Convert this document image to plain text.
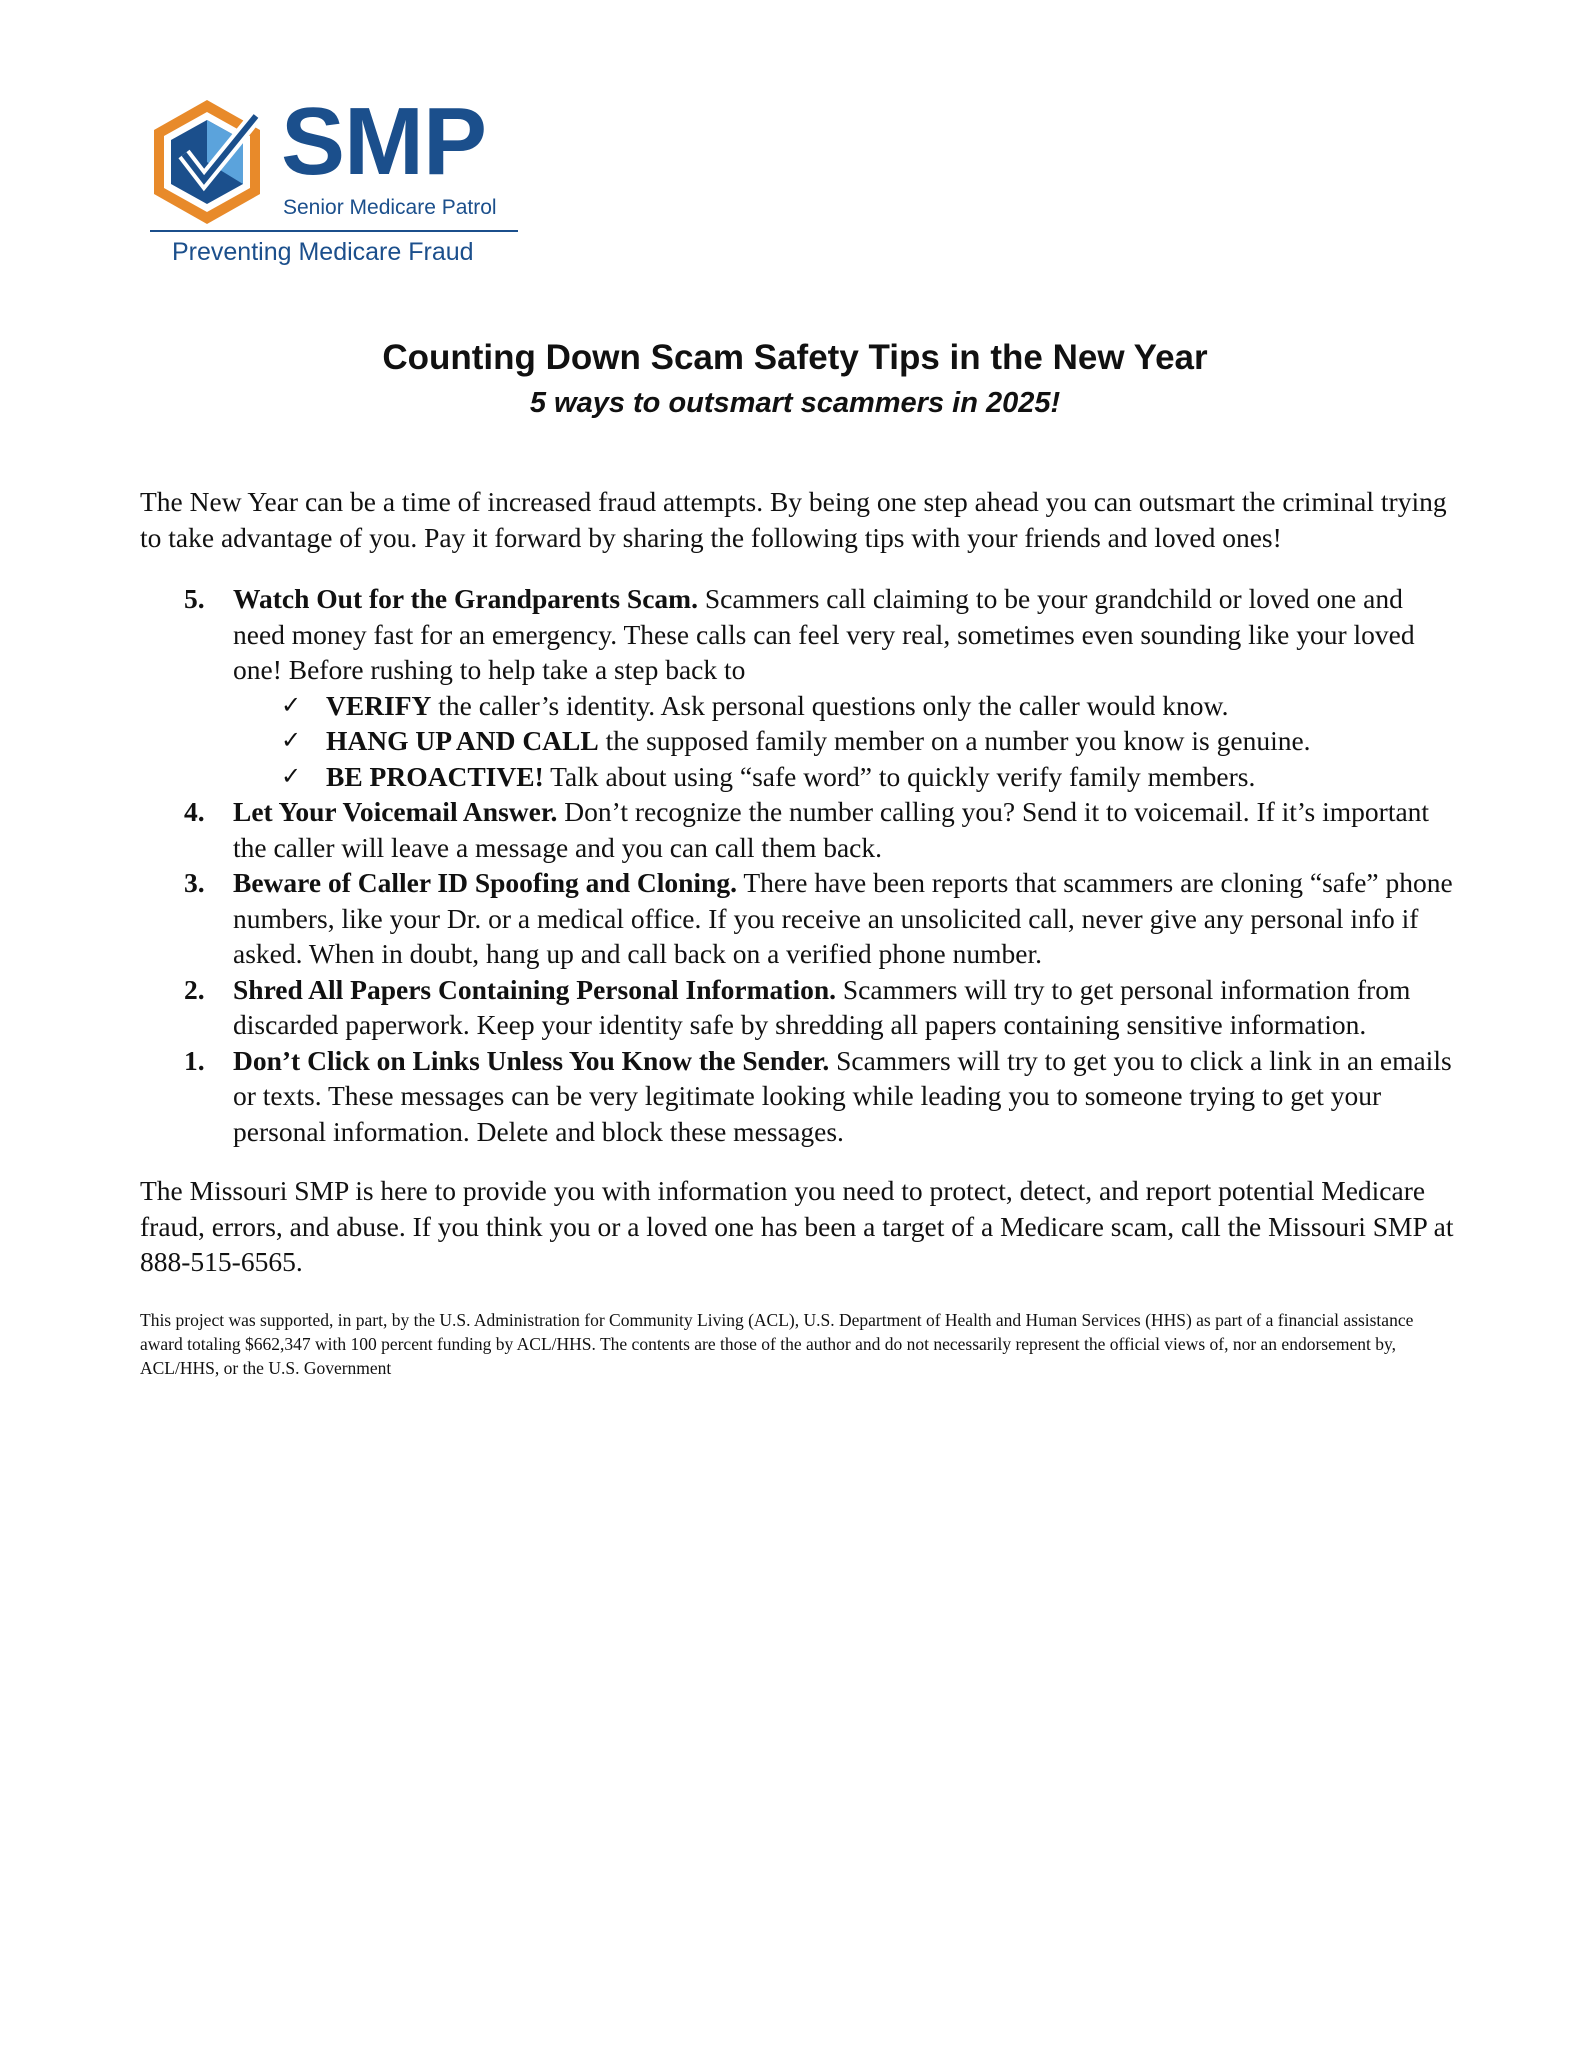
SMP
Senior Medicare Patrol
Preventing Medicare Fraud
Counting Down Scam Safety Tips in the New Year
5 ways to outsmart scammers in 2025!

The New Year can be a time of increased fraud attempts. By being one step ahead you can outsmart the criminal trying to take advantage of you. Pay it forward by sharing the following tips with your friends and loved ones!

5. Watch Out for the Grandparents Scam. Scammers call claiming to be your grandchild or loved one and need money fast for an emergency. These calls can feel very real, sometimes even sounding like your loved one! Before rushing to help take a step back to
✓ VERIFY the caller’s identity. Ask personal questions only the caller would know.
✓ HANG UP AND CALL the supposed family member on a number you know is genuine.
✓ BE PROACTIVE! Talk about using “safe word” to quickly verify family members.
4. Let Your Voicemail Answer. Don’t recognize the number calling you? Send it to voicemail. If it’s important the caller will leave a message and you can call them back.
3. Beware of Caller ID Spoofing and Cloning. There have been reports that scammers are cloning “safe” phone numbers, like your Dr. or a medical office. If you receive an unsolicited call, never give any personal info if asked. When in doubt, hang up and call back on a verified phone number.
2. Shred All Papers Containing Personal Information. Scammers will try to get personal information from discarded paperwork. Keep your identity safe by shredding all papers containing sensitive information.
1. Don’t Click on Links Unless You Know the Sender. Scammers will try to get you to click a link in an emails or texts. These messages can be very legitimate looking while leading you to someone trying to get your personal information. Delete and block these messages.

The Missouri SMP is here to provide you with information you need to protect, detect, and report potential Medicare fraud, errors, and abuse. If you think you or a loved one has been a target of a Medicare scam, call the Missouri SMP at 888-515-6565.

This project was supported, in part, by the U.S. Administration for Community Living (ACL), U.S. Department of Health and Human Services (HHS) as part of a financial assistance award totaling $662,347 with 100 percent funding by ACL/HHS. The contents are those of the author and do not necessarily represent the official views of, nor an endorsement by, ACL/HHS, or the U.S. Government
